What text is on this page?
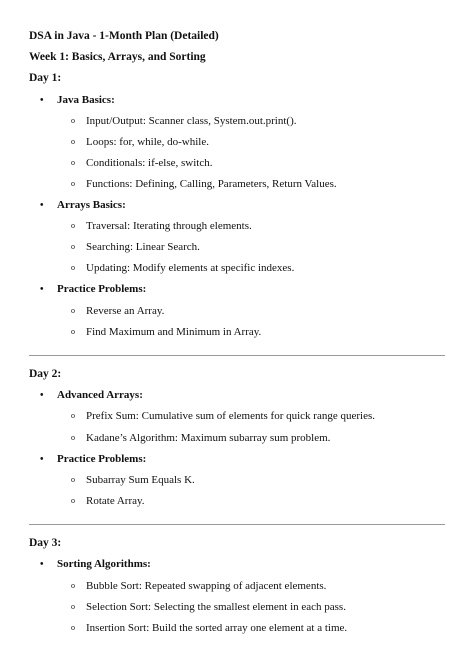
DSA in Java - 1-Month Plan (Detailed)
Week 1: Basics, Arrays, and Sorting
Day 1:
• Java Basics:
o Input/Output: Scanner class, System.out.print().
o Loops: for, while, do-while.
o Conditionals: if-else, switch.
o Functions: Defining, Calling, Parameters, Return Values.
• Arrays Basics:
o Traversal: Iterating through elements.
o Searching: Linear Search.
o Updating: Modify elements at specific indexes.
• Practice Problems:
o Reverse an Array.
o Find Maximum and Minimum in Array.
Day 2:
• Advanced Arrays:
o Prefix Sum: Cumulative sum of elements for quick range queries.
o Kadane’s Algorithm: Maximum subarray sum problem.
• Practice Problems:
o Subarray Sum Equals K.
o Rotate Array.
Day 3:
• Sorting Algorithms:
o Bubble Sort: Repeated swapping of adjacent elements.
o Selection Sort: Selecting the smallest element in each pass.
o Insertion Sort: Build the sorted array one element at a time.
